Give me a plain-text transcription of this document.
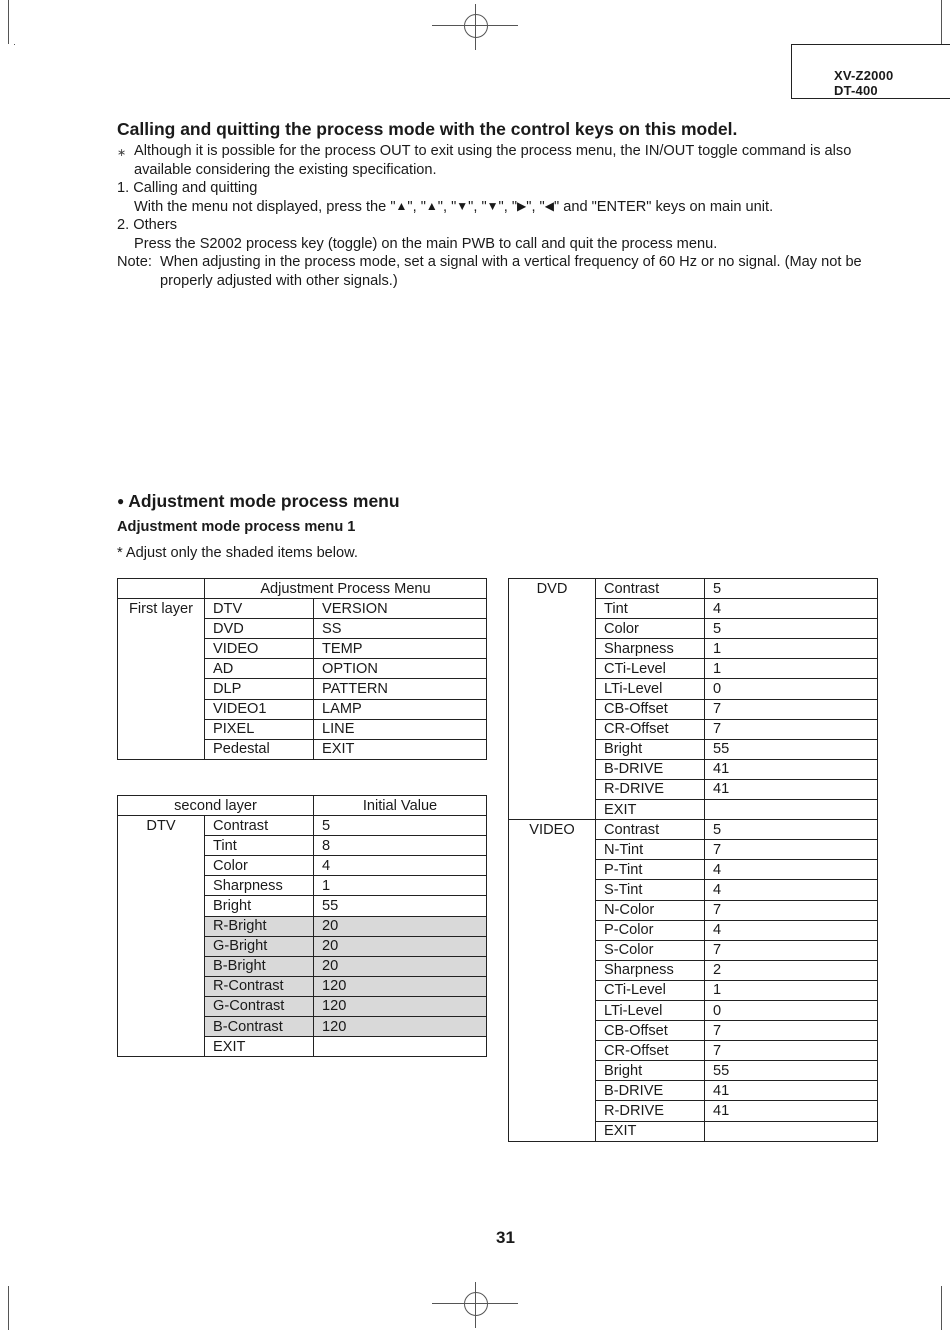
XV-Z2000
DT-400
Calling and quitting the process mode with the control keys on this model.
∗ Although it is possible for the process OUT to exit using the process menu, the IN/OUT toggle command is also
available considering the existing specification.
1. Calling and quitting
With the menu not displayed, press the "▲", "▲", "▼", "▼", "▶", "◀" and "ENTER" keys on main unit.
2. Others
Press the S2002 process key (toggle) on the main PWB to call and quit the process menu.
Note: When adjusting in the process mode, set a signal with a vertical frequency of 60 Hz or no signal. (May not be
properly adjusted with other signals.)
● Adjustment mode process menu
Adjustment mode process menu 1
* Adjust only the shaded items below.
	Adjustment Process Menu	
First layer	DTV	VERSION
	DVD	SS
	VIDEO	TEMP
	AD	OPTION
	DLP	PATTERN
	VIDEO1	LAMP
	PIXEL	LINE
	Pedestal	EXIT
second layer		Initial Value
DTV	Contrast	5
	Tint	8
	Color	4
	Sharpness	1
	Bright	55
	R-Bright	20
	G-Bright	20
	B-Bright	20
	R-Contrast	120
	G-Contrast	120
	B-Contrast	120
	EXIT	
DVD	Contrast	5
	Tint	4
	Color	5
	Sharpness	1
	CTi-Level	1
	LTi-Level	0
	CB-Offset	7
	CR-Offset	7
	Bright	55
	B-DRIVE	41
	R-DRIVE	41
	EXIT	
VIDEO	Contrast	5
	N-Tint	7
	P-Tint	4
	S-Tint	4
	N-Color	7
	P-Color	4
	S-Color	7
	Sharpness	2
	CTi-Level	1
	LTi-Level	0
	CB-Offset	7
	CR-Offset	7
	Bright	55
	B-DRIVE	41
	R-DRIVE	41
	EXIT	
31
